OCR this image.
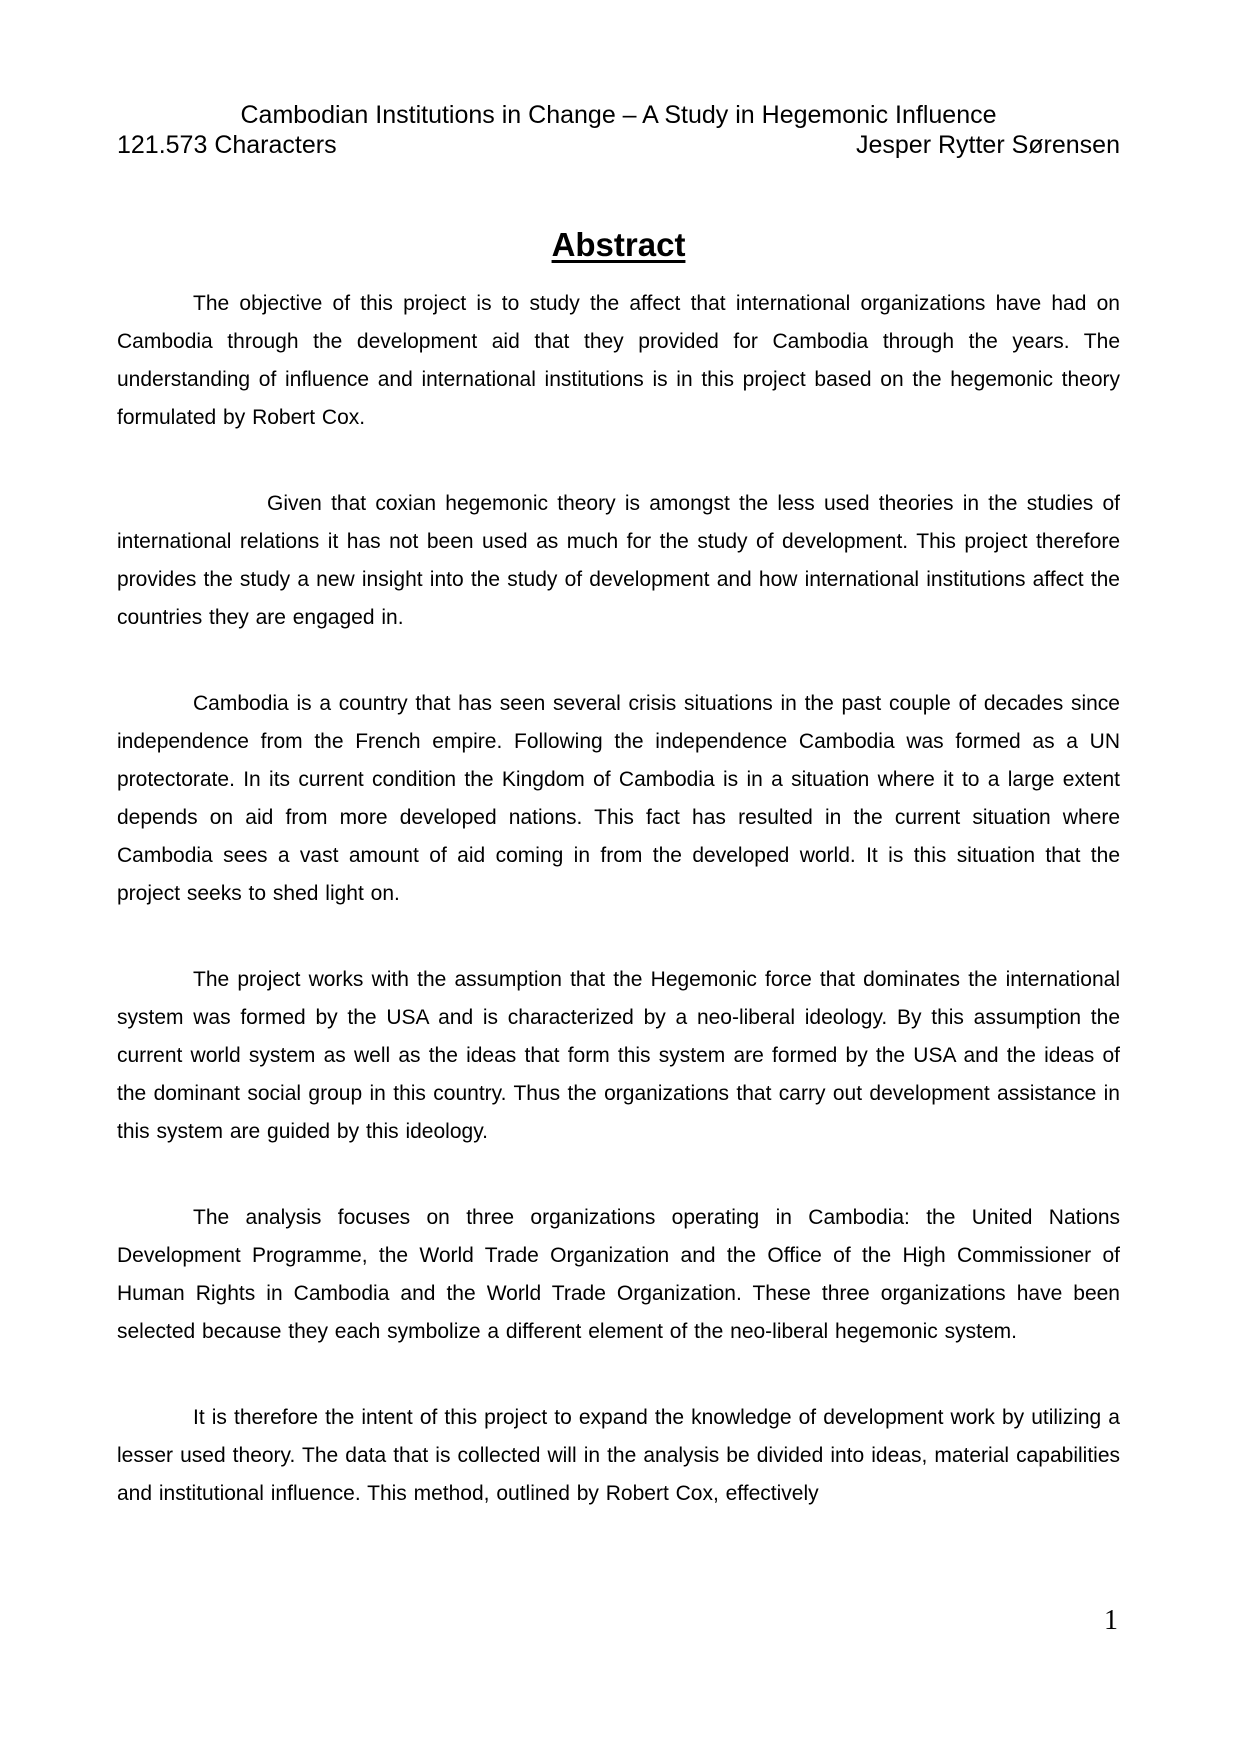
Cambodian Institutions in Change – A Study in Hegemonic Influence
121.573 Characters	Jesper Rytter Sørensen
Abstract

The objective of this project is to study the affect that international organizations have had on Cambodia through the development aid that they provided for Cambodia through the years. The understanding of influence and international institutions is in this project based on the hegemonic theory formulated by Robert Cox.

Given that coxian hegemonic theory is amongst the less used theories in the studies of international relations it has not been used as much for the study of development. This project therefore provides the study a new insight into the study of development and how international institutions affect the countries they are engaged in.

Cambodia is a country that has seen several crisis situations in the past couple of decades since independence from the French empire. Following the independence Cambodia was formed as a UN protectorate. In its current condition the Kingdom of Cambodia is in a situation where it to a large extent depends on aid from more developed nations. This fact has resulted in the current situation where Cambodia sees a vast amount of aid coming in from the developed world. It is this situation that the project seeks to shed light on.

The project works with the assumption that the Hegemonic force that dominates the international system was formed by the USA and is characterized by a neo-liberal ideology. By this assumption the current world system as well as the ideas that form this system are formed by the USA and the ideas of the dominant social group in this country. Thus the organizations that carry out development assistance in this system are guided by this ideology.

The analysis focuses on three organizations operating in Cambodia: the United Nations Development Programme, the World Trade Organization and the Office of the High Commissioner of Human Rights in Cambodia and the World Trade Organization. These three organizations have been selected because they each symbolize a different element of the neo-liberal hegemonic system.

It is therefore the intent of this project to expand the knowledge of development work by utilizing a lesser used theory. The data that is collected will in the analysis be divided into ideas, material capabilities and institutional influence. This method, outlined by Robert Cox, effectively

1
